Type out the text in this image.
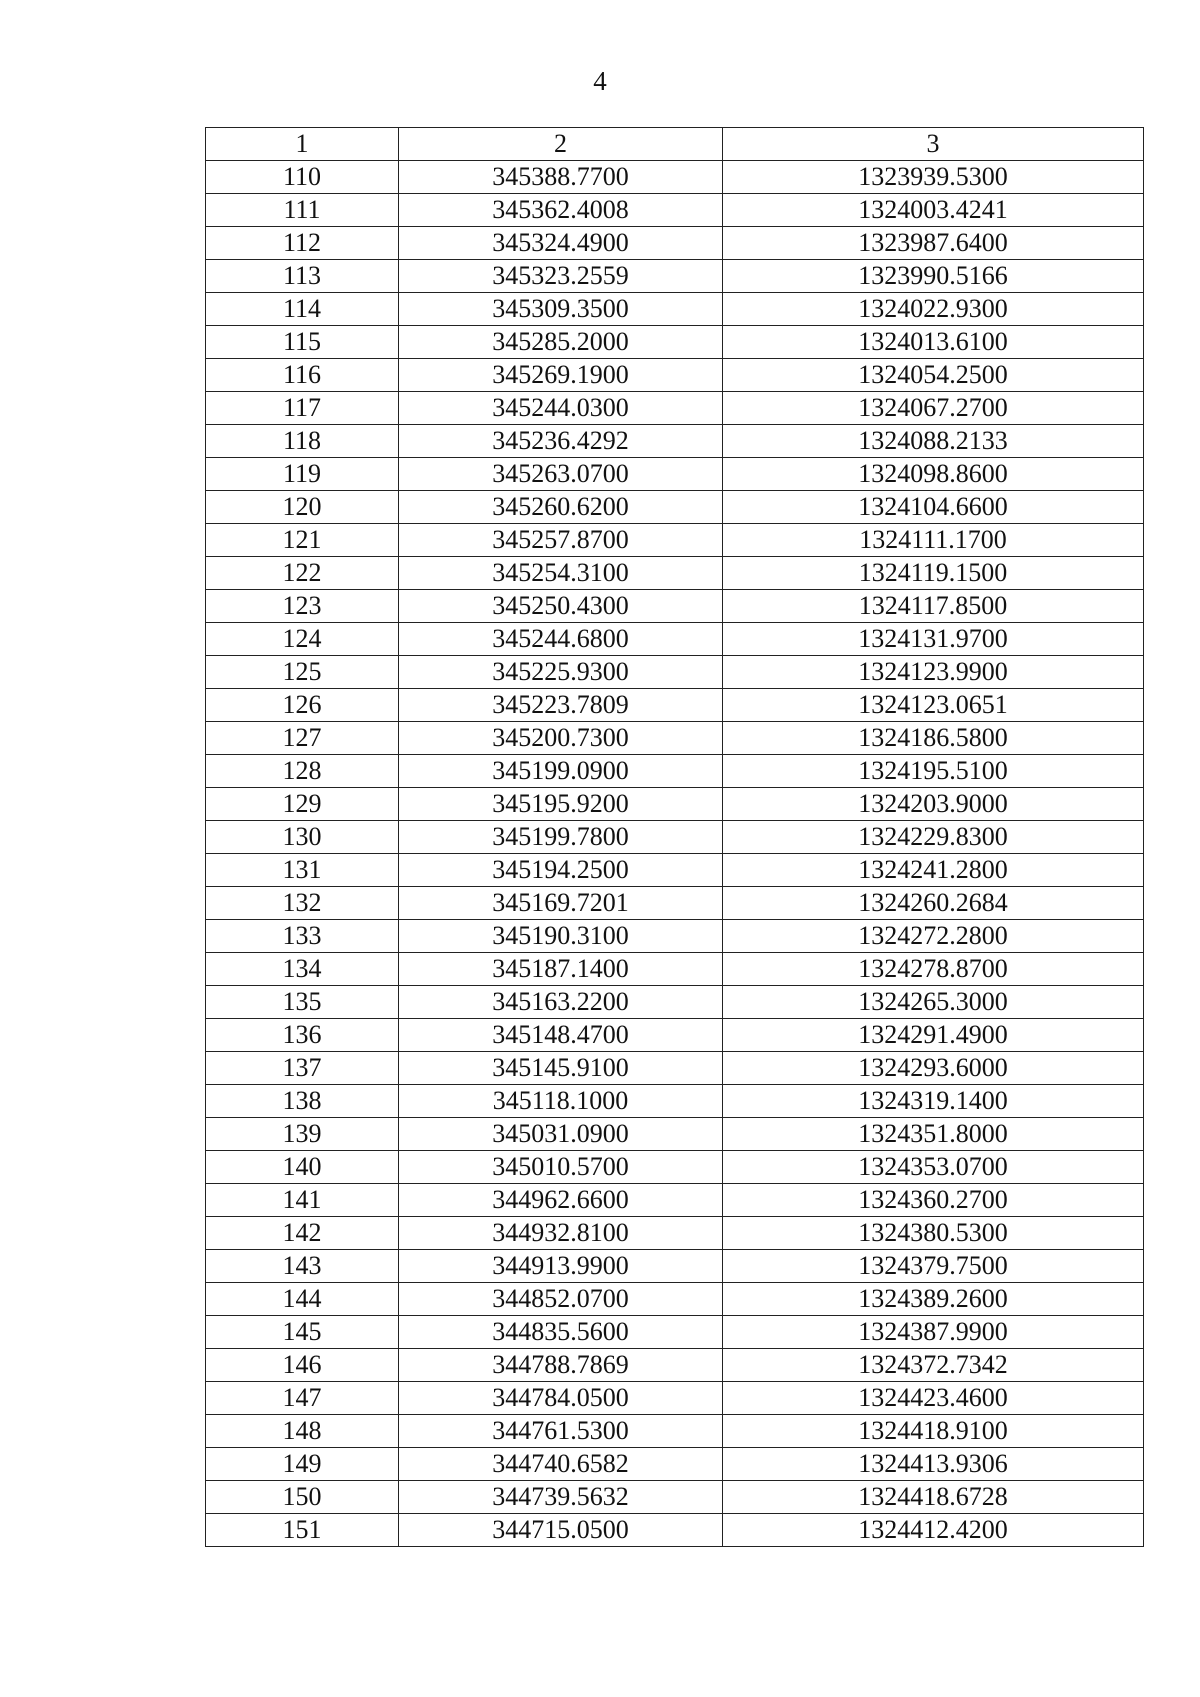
4
1	2	3
110	345388.7700	1323939.5300
111	345362.4008	1324003.4241
112	345324.4900	1323987.6400
113	345323.2559	1323990.5166
114	345309.3500	1324022.9300
115	345285.2000	1324013.6100
116	345269.1900	1324054.2500
117	345244.0300	1324067.2700
118	345236.4292	1324088.2133
119	345263.0700	1324098.8600
120	345260.6200	1324104.6600
121	345257.8700	1324111.1700
122	345254.3100	1324119.1500
123	345250.4300	1324117.8500
124	345244.6800	1324131.9700
125	345225.9300	1324123.9900
126	345223.7809	1324123.0651
127	345200.7300	1324186.5800
128	345199.0900	1324195.5100
129	345195.9200	1324203.9000
130	345199.7800	1324229.8300
131	345194.2500	1324241.2800
132	345169.7201	1324260.2684
133	345190.3100	1324272.2800
134	345187.1400	1324278.8700
135	345163.2200	1324265.3000
136	345148.4700	1324291.4900
137	345145.9100	1324293.6000
138	345118.1000	1324319.1400
139	345031.0900	1324351.8000
140	345010.5700	1324353.0700
141	344962.6600	1324360.2700
142	344932.8100	1324380.5300
143	344913.9900	1324379.7500
144	344852.0700	1324389.2600
145	344835.5600	1324387.9900
146	344788.7869	1324372.7342
147	344784.0500	1324423.4600
148	344761.5300	1324418.9100
149	344740.6582	1324413.9306
150	344739.5632	1324418.6728
151	344715.0500	1324412.4200
